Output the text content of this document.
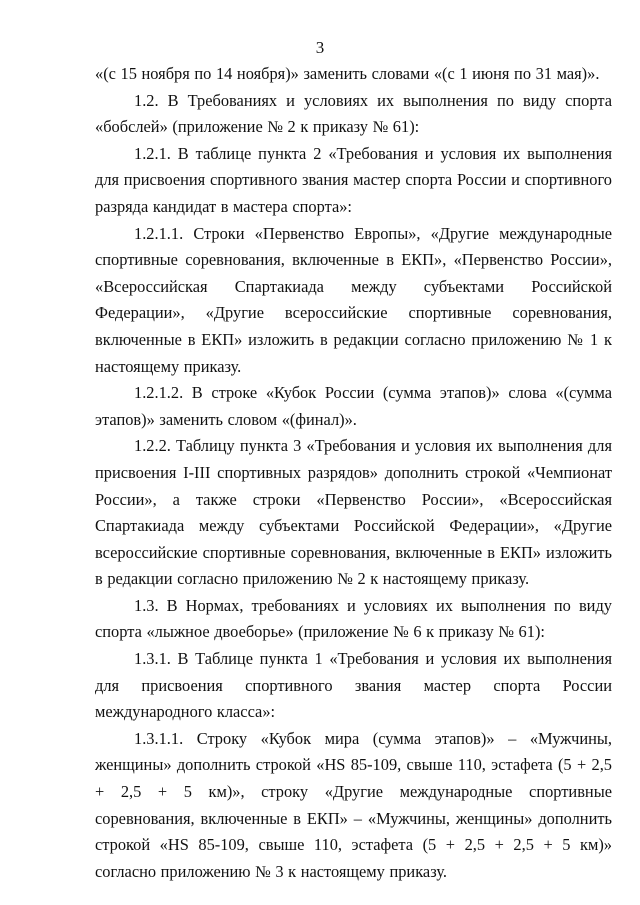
3

«(с 15 ноября по 14 ноября)» заменить словами «(с 1 июня по 31 мая)».

1.2. В Требованиях и условиях их выполнения по виду спорта «бобслей» (приложение № 2 к приказу № 61):

1.2.1. В таблице пункта 2 «Требования и условия их выполнения для присвоения спортивного звания мастер спорта России и спортивного разряда кандидат в мастера спорта»:

1.2.1.1. Строки «Первенство Европы», «Другие международные спортивные соревнования, включенные в ЕКП», «Первенство России», «Всероссийская Спартакиада между субъектами Российской Федерации», «Другие всероссийские спортивные соревнования, включенные в ЕКП» изложить в редакции согласно приложению № 1 к настоящему приказу.

1.2.1.2. В строке «Кубок России (сумма этапов)» слова «(сумма этапов)» заменить словом «(финал)».

1.2.2. Таблицу пункта 3 «Требования и условия их выполнения для присвоения I-III спортивных разрядов» дополнить строкой «Чемпионат России», а также строки «Первенство России», «Всероссийская Спартакиада между субъектами Российской Федерации», «Другие всероссийские спортивные соревнования, включенные в ЕКП» изложить в редакции согласно приложению № 2 к настоящему приказу.

1.3. В Нормах, требованиях и условиях их выполнения по виду спорта «лыжное двоеборье» (приложение № 6 к приказу № 61):

1.3.1. В Таблице пункта 1 «Требования и условия их выполнения для присвоения спортивного звания мастер спорта России международного класса»:

1.3.1.1. Строку «Кубок мира (сумма этапов)» – «Мужчины, женщины» дополнить строкой «HS 85-109, свыше 110, эстафета (5 + 2,5 + 2,5 + 5 км)», строку «Другие международные спортивные соревнования, включенные в ЕКП» – «Мужчины, женщины» дополнить строкой «HS 85-109, свыше 110, эстафета (5 + 2,5 + 2,5 + 5 км)» согласно приложению № 3 к настоящему приказу.
